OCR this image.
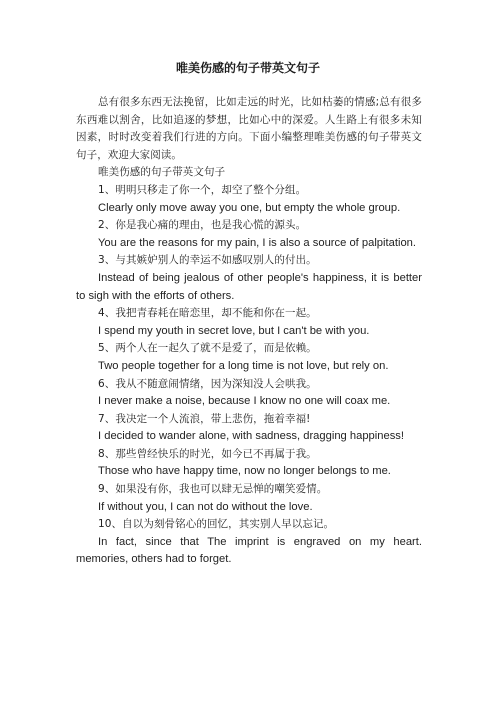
唯美伤感的句子带英文句子

总有很多东西无法挽留，比如走远的时光，比如枯萎的情感;总有很多东西难以割舍，比如追逐的梦想，比如心中的深爱。人生路上有很多未知因素，时时改变着我们行进的方向。下面小编整理唯美伤感的句子带英文句子，欢迎大家阅读。

唯美伤感的句子带英文句子

1、明明只移走了你一个，却空了整个分组。

Clearly only move away you one, but empty the whole group.

2、你是我心痛的理由，也是我心慌的源头。

You are the reasons for my pain, I is also a source of palpitation.

3、与其嫉妒别人的幸运不如感叹别人的付出。

Instead of being jealous of other people's happiness, it is better to sigh with the efforts of others.

4、我把青春耗在暗恋里，却不能和你在一起。

I spend my youth in secret love, but I can't be with you.

5、两个人在一起久了就不是爱了，而是依赖。

Two people together for a long time is not love, but rely on.

6、我从不随意闹情绪，因为深知没人会哄我。

I never make a noise, because I know no one will coax me.

7、我决定一个人流浪，带上悲伤，拖着幸福!

I decided to wander alone, with sadness, dragging happiness!

8、那些曾经快乐的时光，如今已不再属于我。

Those who have happy time, now no longer belongs to me.

9、如果没有你，我也可以肆无忌惮的嘲笑爱情。

If without you, I can not do without the love.

10、自以为刻骨铭心的回忆，其实别人早以忘记。

In fact, since that The imprint is engraved on my heart. memories, others had to forget.
